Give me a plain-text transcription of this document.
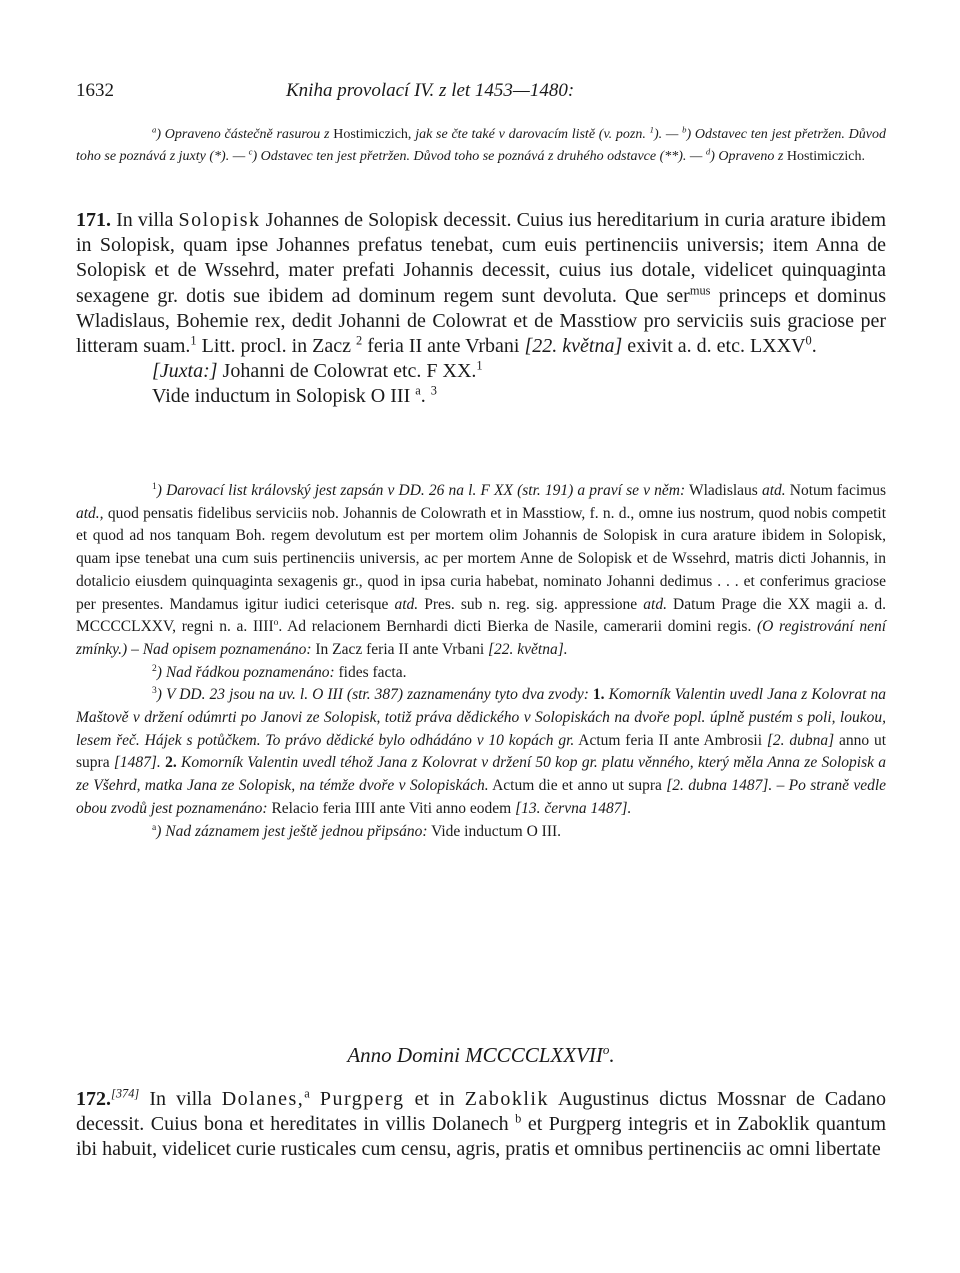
1632	Kniha provolací IV. z let 1453—1480:

$^a$) Opraveno částečně rasurou z Hostimiczich, jak se čte také v darovacím listě (v. pozn. $^1$). — $^b$) Odstavec ten jest přetržen. Důvod toho se poznává z juxty (*). — $^c$) Odstavec ten jest přetržen. Důvod toho se poznává z druhého odstavce (**). — $^d$) Opraveno z Hostimiczich.

171. In villa Solopisk Johannes de Solopisk decessit. Cuius ius hereditarium in curia arature ibidem in Solopisk, quam ipse Johannes prefatus tenebat, cum euis pertinenciis universis; item Anna de Solopisk et de Wssehrd, mater prefati Johannis decessit, cuius ius dotale, videlicet quinquaginta sexagene gr. dotis sue ibidem ad dominum regem sunt devoluta. Que ser$^{mus}$ princeps et dominus Wladislaus, Bohemie rex, dedit Johanni de Colowrat et de Masstiow pro serviciis suis graciose per litteram suam.$^1$ Litt. procl. in Zacz $^2$ feria II ante Vrbani [22. května] exivit a. d. etc. LXXV$^0$.

[Juxta:] Johanni de Colowrat etc. F XX.$^1$

Vide inductum in Solopisk O III $^a$. $^3$

$^1$) Darovací list královský jest zapsán v DD. 26 na l. F XX (str. 191) a praví se v něm: Wladislaus atd. Notum facimus atd., quod pensatis fidelibus serviciis nob. Johannis de Colowrath et in Masstiow, f. n. d., omne ius nostrum, quod nobis competit et quod ad nos tanquam Boh. regem devolutum est per mortem olim Johannis de Solopisk in cura arature ibidem in Solopisk, quam ipse tenebat una cum suis pertinenciis universis, ac per mortem Anne de Solopisk et de Wssehrd, matris dicti Johannis, in dotalicio eiusdem quinquaginta sexagenis gr., quod in ipsa curia habebat, nominato Johanni dedimus . . . et conferimus graciose per presentes. Mandamus igitur iudici ceterisque atd. Pres. sub n. reg. sig. appressione atd. Datum Prage die XX magii a. d. MCCCCLXXV, regni n. a. IIII$^o$. Ad relacionem Bernhardi dicti Bierka de Nasile, camerarii domini regis. (O registrování není zmínky.) – Nad opisem poznamenáno: In Zacz feria II ante Vrbani [22. května].

$^2$) Nad řádkou poznamenáno: fides facta.

$^3$) V DD. 23 jsou na uv. l. O III (str. 387) zaznamenány tyto dva zvody: 1. Komorník Valentin uvedl Jana z Kolovrat na Maštově v držení odúmrti po Janovi ze Solopisk, totiž práva dědického v Solopiskách na dvoře popl. úplně pustém s poli, loukou, lesem řeč. Hájek s potůčkem. To právo dědické bylo odhádáno v 10 kopách gr. Actum feria II ante Ambrosii [2. dubna] anno ut supra [1487]. 2. Komorník Valentin uvedl téhož Jana z Kolovrat v držení 50 kop gr. platu věnného, který měla Anna ze Solopisk a ze Všehrd, matka Jana ze Solopisk, na témže dvoře v Solopiskách. Actum die et anno ut supra [2. dubna 1487]. – Po straně vedle obou zvodů jest poznamenáno: Relacio feria IIII ante Viti anno eodem [13. června 1487].

$^a$) Nad záznamem jest ještě jednou připsáno: Vide inductum O III.

Anno Domini MCCCCLXXVII$^o$.

172.[374] In villa Dolanes,$^a$ Purgperg et in Zaboklik Augustinus dictus Mossnar de Cadano decessit. Cuius bona et hereditates in villis Dolanech $^b$ et Purgperg integris et in Zaboklik quantum ibi habuit, videlicet curie rusticales cum censu, agris, pratis et omnibus pertinenciis ac omni libertate
